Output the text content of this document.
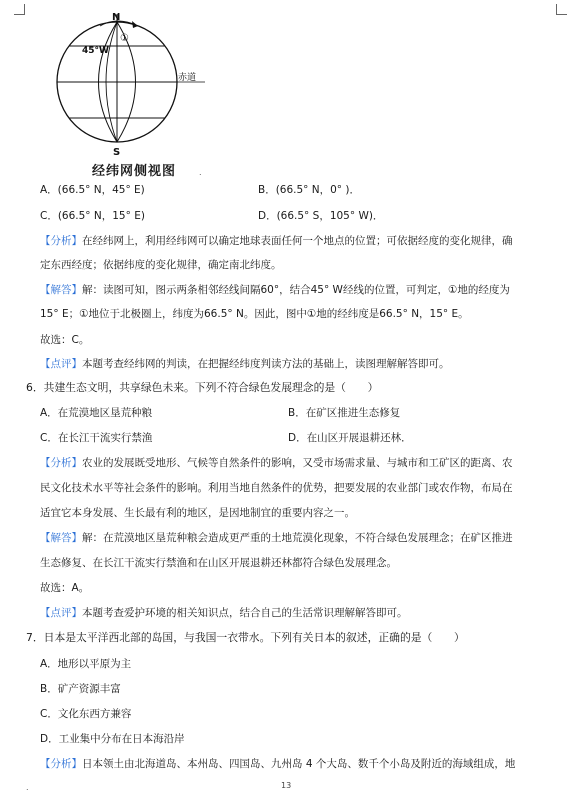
N
S
45°W
①
赤道
经纬网侧视图	.
A．(66.5° N，45° E)	B．(66.5° N，0° )．
C．(66.5° N，15° E)	D．(66.5° S，105° W)．
【分析】在经纬网上，利用经纬网可以确定地球表面任何一个地点的位置；可依据经度的变化规律，确
定东西经度；依据纬度的变化规律，确定南北纬度。
【解答】解：读图可知，图示两条相邻经线间隔60°，结合45° W经线的位置，可判定，①地的经度为
15° E；①地位于北极圈上，纬度为66.5° N。因此，图中①地的经纬度是66.5° N，15° E。
故选：C。
【点评】本题考查经纬网的判读，在把握经纬度判读方法的基础上，读图理解解答即可。
6．共建生态文明，共享绿色未来。下列不符合绿色发展理念的是（　　）
A．在荒漠地区垦荒种粮	B．在矿区推进生态修复
C．在长江干流实行禁渔	D．在山区开展退耕还林．
【分析】农业的发展既受地形、气候等自然条件的影响，又受市场需求量、与城市和工矿区的距离、农
民文化技术水平等社会条件的影响。利用当地自然条件的优势，把要发展的农业部门或农作物，布局在
适宜它本身发展、生长最有利的地区，是因地制宜的重要内容之一。
【解答】解：在荒漠地区垦荒种粮会造成更严重的土地荒漠化现象，不符合绿色发展理念；在矿区推进
生态修复、在长江干流实行禁渔和在山区开展退耕还林都符合绿色发展理念。
故选：A。
【点评】本题考查爱护环境的相关知识点，结合自己的生活常识理解解答即可。
7．日本是太平洋西北部的岛国，与我国一衣带水。下列有关日本的叙述，正确的是（　　）
A．地形以平原为主
B．矿产资源丰富
C．文化东西方兼容
D．工业集中分布在日本海沿岸
【分析】日本领土由北海道岛、本州岛、四国岛、九州岛 4 个大岛、数千个小岛及附近的海域组成，地
13
.
